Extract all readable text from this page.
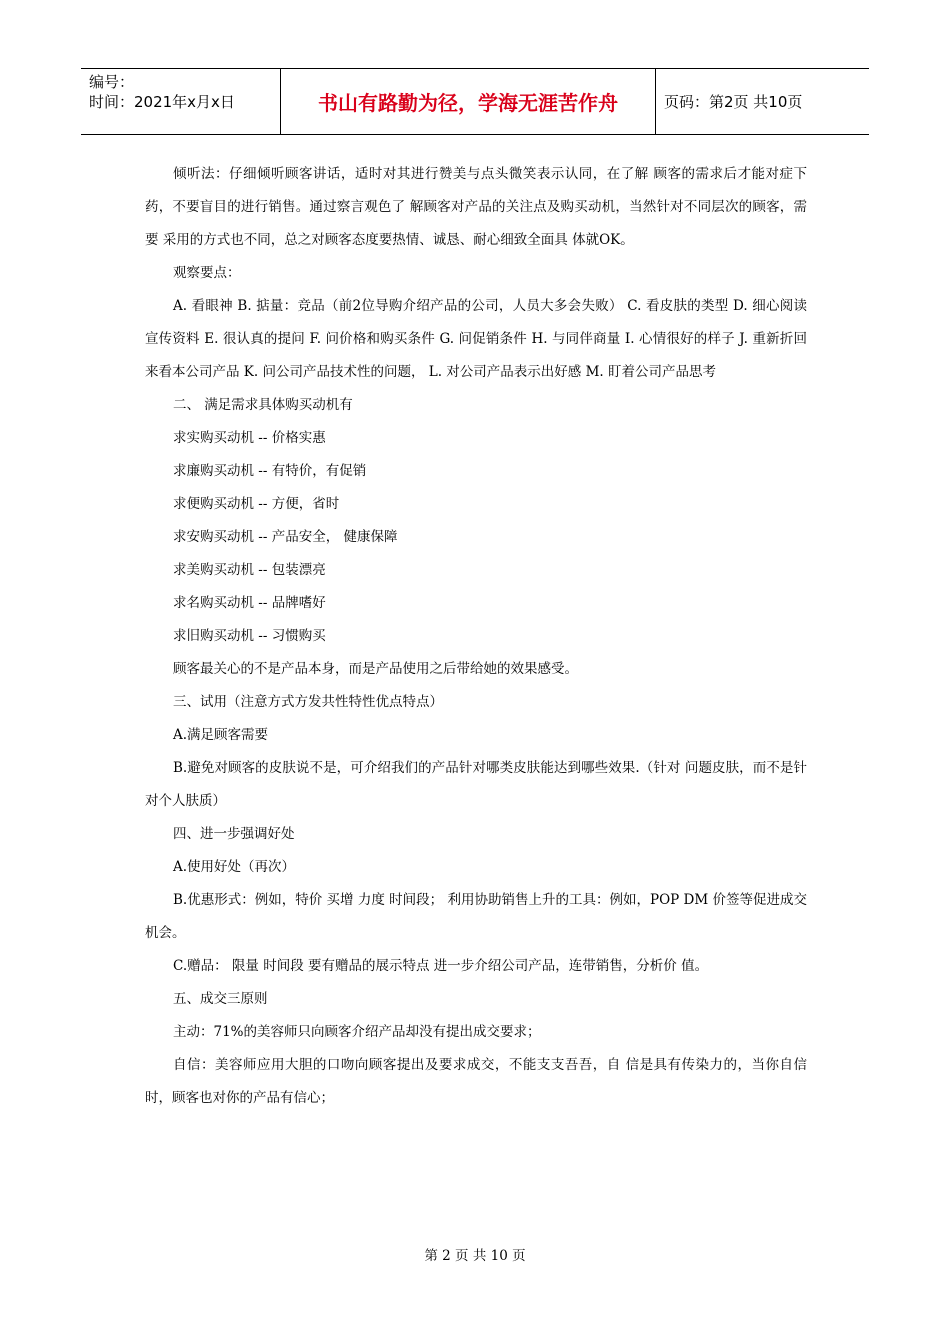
编号：
时间：2021年x月x日	书山有路勤为径，学海无涯苦作舟	页码：第2页 共10页

倾听法：仔细倾听顾客讲话，适时对其进行赞美与点头微笑表示认同，在了解 顾客的需求后才能对症下药，不要盲目的进行销售。通过察言观色了 解顾客对产品的关注点及购买动机，当然针对不同层次的顾客，需要 采用的方式也不同，总之对顾客态度要热情、诚恳、耐心细致全面具 体就OK。

观察要点：

A. 看眼神 B. 掂量：竞品（前2位导购介绍产品的公司，人员大多会失败） C. 看皮肤的类型 D. 细心阅读宣传资料 E. 很认真的提问 F. 问价格和购买条件 G. 问促销条件 H. 与同伴商量 I. 心情很好的样子 J. 重新折回来看本公司产品 K. 问公司产品技术性的问题， L. 对公司产品表示出好感 M. 盯着公司产品思考

二、 满足需求具体购买动机有

求实购买动机 -- 价格实惠

求廉购买动机 -- 有特价，有促销

求便购买动机 -- 方便，省时

求安购买动机 -- 产品安全， 健康保障

求美购买动机 -- 包装漂亮

求名购买动机 -- 品牌嗜好

求旧购买动机 -- 习惯购买

顾客最关心的不是产品本身，而是产品使用之后带给她的效果感受。

三、试用（注意方式方发共性特性优点特点）

A.满足顾客需要

B.避免对顾客的皮肤说不是，可介绍我们的产品针对哪类皮肤能达到哪些效果.（针对 问题皮肤，而不是针对个人肤质）

四、进一步强调好处

A.使用好处（再次）

B.优惠形式：例如，特价 买增 力度 时间段； 利用协助销售上升的工具：例如，POP DM 价签等促进成交机会。

C.赠品： 限量 时间段 要有赠品的展示特点 进一步介绍公司产品，连带销售，分析价 值。

五、成交三原则

主动：71%的美容师只向顾客介绍产品却没有提出成交要求；

自信：美容师应用大胆的口吻向顾客提出及要求成交，不能支支吾吾，自 信是具有传染力的，当你自信时，顾客也对你的产品有信心；

第 2 页 共 10 页
